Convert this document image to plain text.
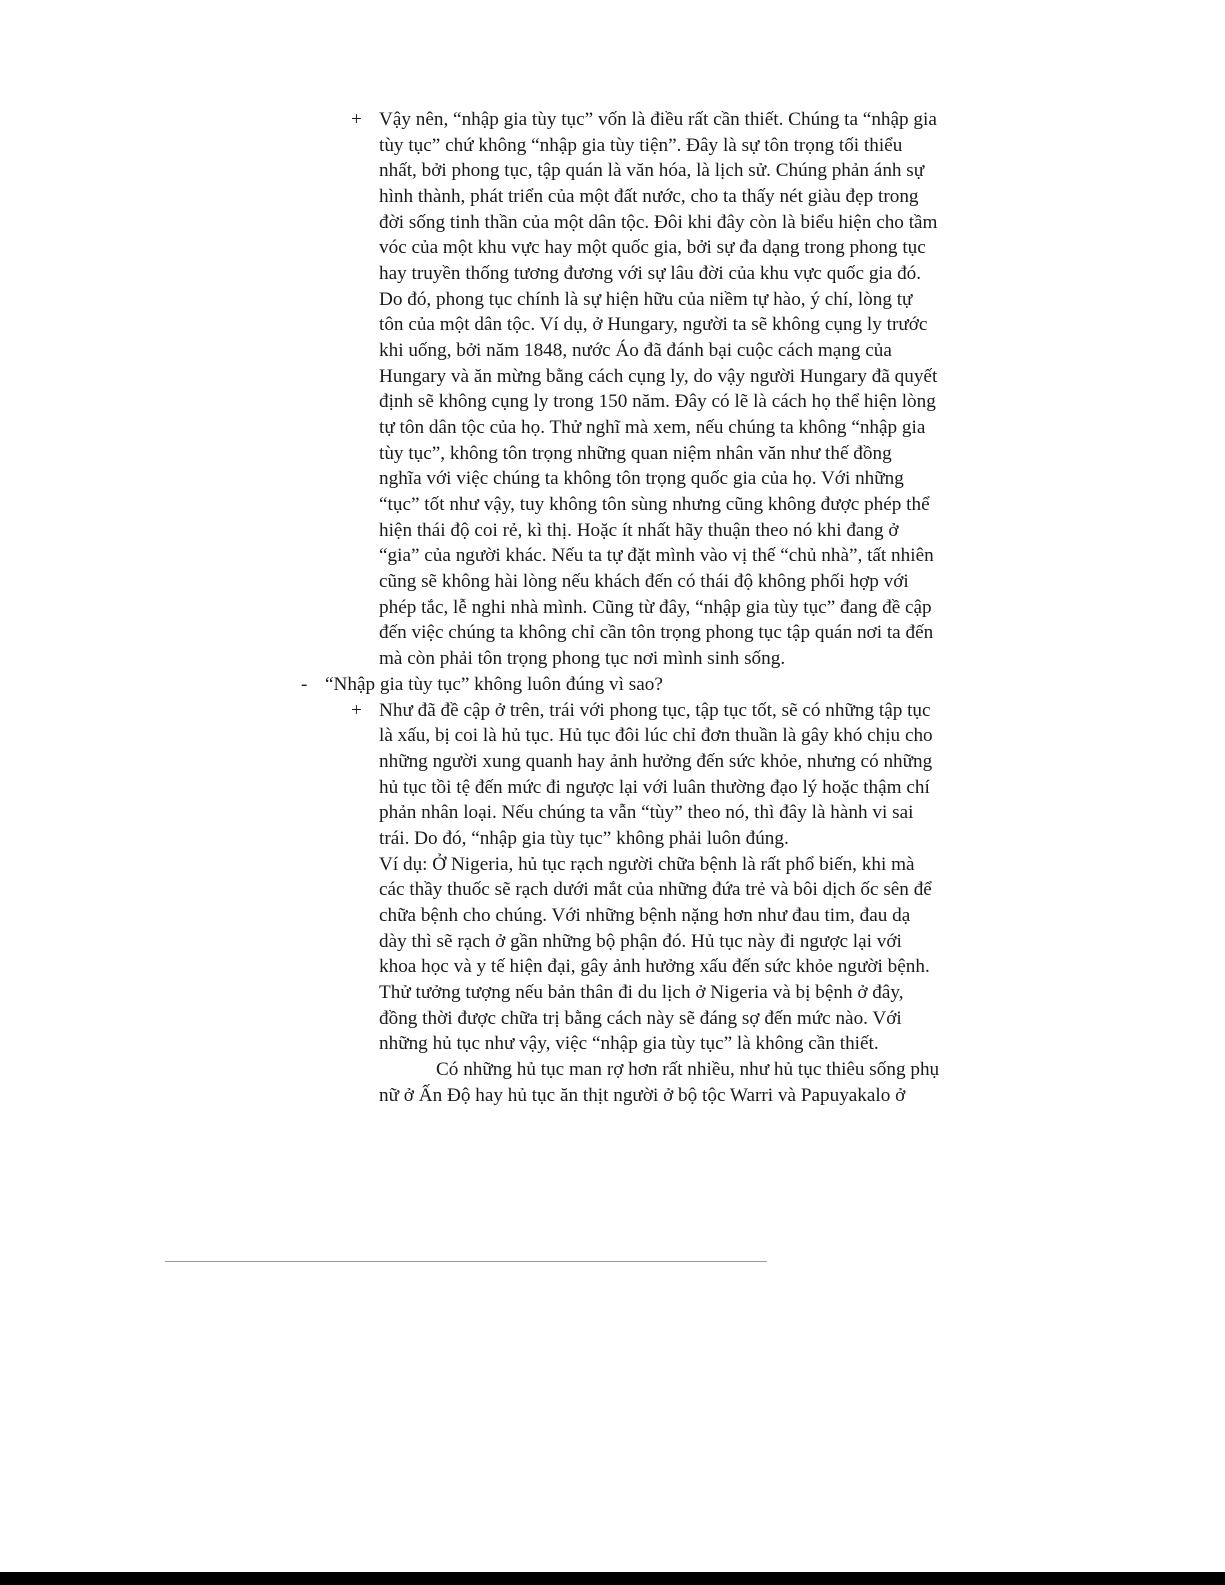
+ Vậy nên, “nhập gia tùy tục” vốn là điều rất cần thiết. Chúng ta “nhập gia
tùy tục” chứ không “nhập gia tùy tiện”. Đây là sự tôn trọng tối thiểu
nhất, bởi phong tục, tập quán là văn hóa, là lịch sử. Chúng phản ánh sự
hình thành, phát triển của một đất nước, cho ta thấy nét giàu đẹp trong
đời sống tinh thần của một dân tộc. Đôi khi đây còn là biểu hiện cho tầm
vóc của một khu vực hay một quốc gia, bởi sự đa dạng trong phong tục
hay truyền thống tương đương với sự lâu đời của khu vực quốc gia đó.
Do đó, phong tục chính là sự hiện hữu của niềm tự hào, ý chí, lòng tự
tôn của một dân tộc. Ví dụ, ở Hungary, người ta sẽ không cụng ly trước
khi uống, bởi năm 1848, nước Áo đã đánh bại cuộc cách mạng của
Hungary và ăn mừng bằng cách cụng ly, do vậy người Hungary đã quyết
định sẽ không cụng ly trong 150 năm. Đây có lẽ là cách họ thể hiện lòng
tự tôn dân tộc của họ. Thử nghĩ mà xem, nếu chúng ta không “nhập gia
tùy tục”, không tôn trọng những quan niệm nhân văn như thế đồng
nghĩa với việc chúng ta không tôn trọng quốc gia của họ. Với những
“tục” tốt như vậy, tuy không tôn sùng nhưng cũng không được phép thể
hiện thái độ coi rẻ, kì thị. Hoặc ít nhất hãy thuận theo nó khi đang ở
“gia” của người khác. Nếu ta tự đặt mình vào vị thế “chủ nhà”, tất nhiên
cũng sẽ không hài lòng nếu khách đến có thái độ không phối hợp với
phép tắc, lễ nghi nhà mình. Cũng từ đây, “nhập gia tùy tục” đang đề cập
đến việc chúng ta không chỉ cần tôn trọng phong tục tập quán nơi ta đến
mà còn phải tôn trọng phong tục nơi mình sinh sống.
- “Nhập gia tùy tục” không luôn đúng vì sao?
+ Như đã đề cập ở trên, trái với phong tục, tập tục tốt, sẽ có những tập tục
là xấu, bị coi là hủ tục. Hủ tục đôi lúc chỉ đơn thuần là gây khó chịu cho
những người xung quanh hay ảnh hưởng đến sức khỏe, nhưng có những
hủ tục tồi tệ đến mức đi ngược lại với luân thường đạo lý hoặc thậm chí
phản nhân loại. Nếu chúng ta vẫn “tùy” theo nó, thì đây là hành vi sai
trái. Do đó, “nhập gia tùy tục” không phải luôn đúng.
Ví dụ: Ở Nigeria, hủ tục rạch người chữa bệnh là rất phổ biến, khi mà
các thầy thuốc sẽ rạch dưới mắt của những đứa trẻ và bôi dịch ốc sên để
chữa bệnh cho chúng. Với những bệnh nặng hơn như đau tim, đau dạ
dày thì sẽ rạch ở gần những bộ phận đó. Hủ tục này đi ngược lại với
khoa học và y tế hiện đại, gây ảnh hưởng xấu đến sức khỏe người bệnh.
Thử tưởng tượng nếu bản thân đi du lịch ở Nigeria và bị bệnh ở đây,
đồng thời được chữa trị bằng cách này sẽ đáng sợ đến mức nào. Với
những hủ tục như vậy, việc “nhập gia tùy tục” là không cần thiết.
Có những hủ tục man rợ hơn rất nhiều, như hủ tục thiêu sống phụ
nữ ở Ấn Độ hay hủ tục ăn thịt người ở bộ tộc Warri và Papuyakalo ở
